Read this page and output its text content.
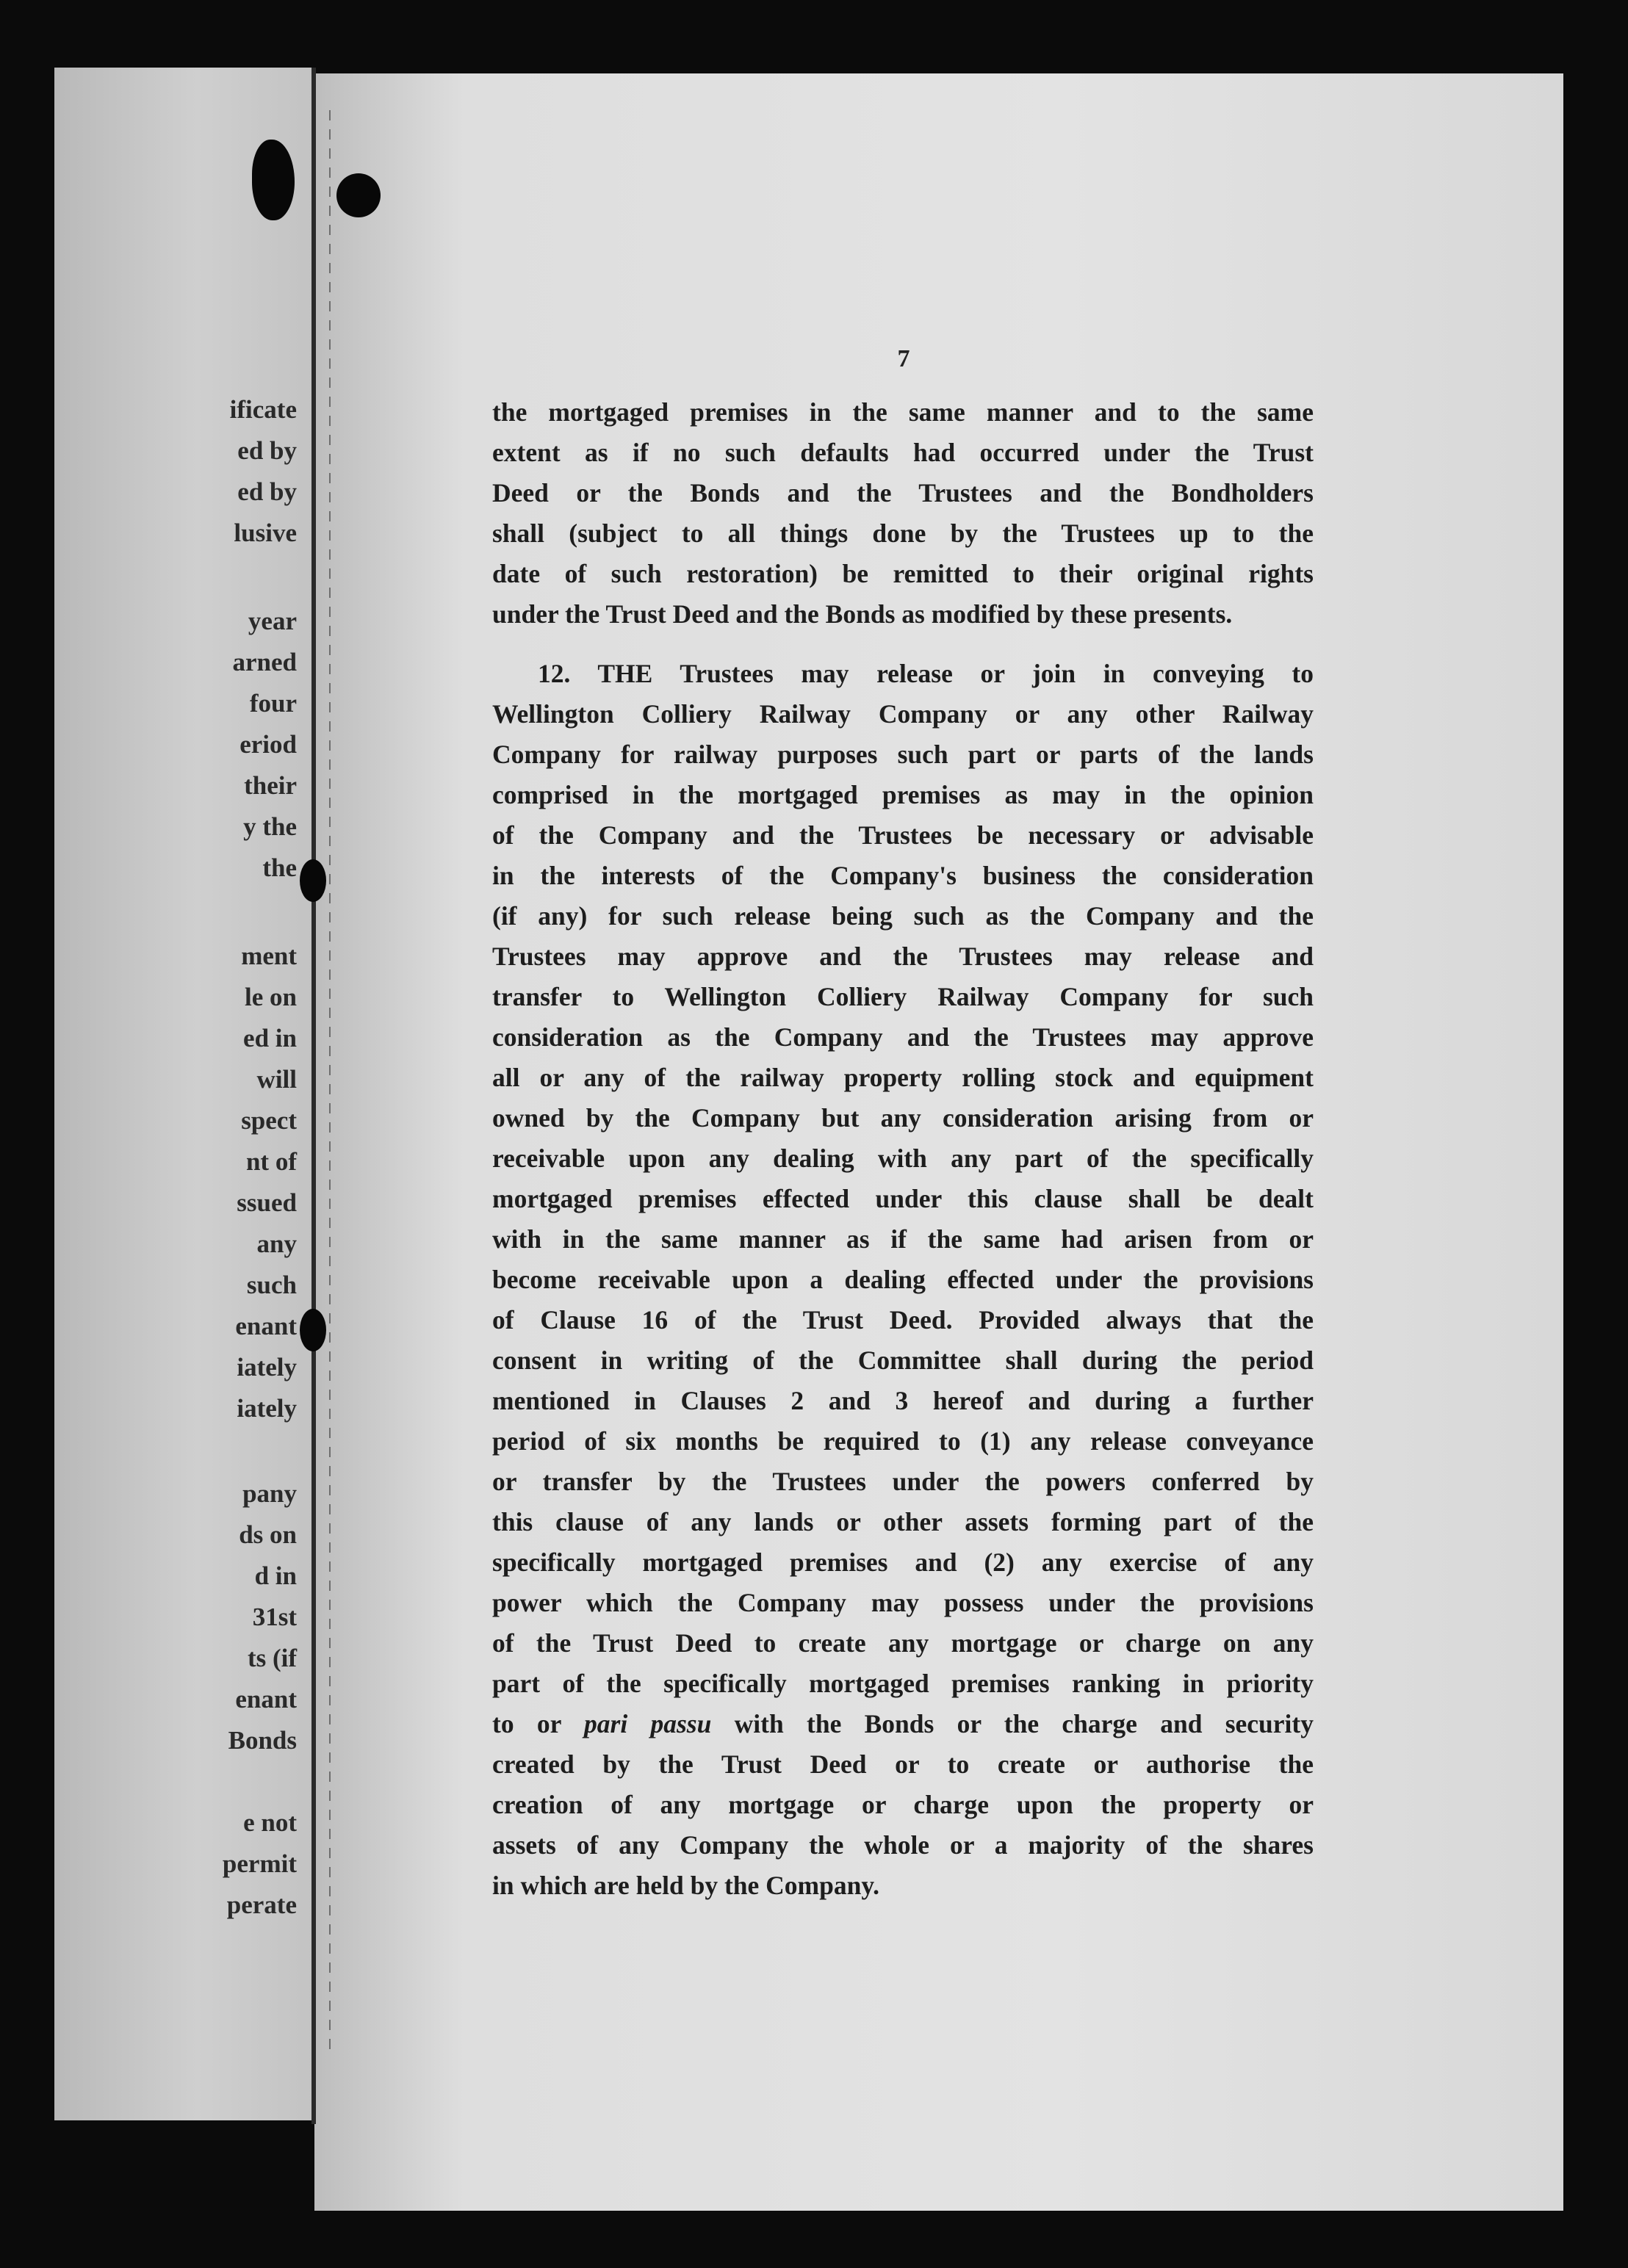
ificate
ed by
ed by
lusive
year
arned
four
eriod
their
y the
the
ment
le on
ed in
will
spect
nt of
ssued
any
such
enant
iately
iately
pany
ds on
d in
31st
ts (if
enant
Bonds
e not
permit
perate
7
the mortgaged premises in the same manner and to the same
extent as if no such defaults had occurred under the Trust
Deed or the Bonds and the Trustees and the Bondholders
shall (subject to all things done by the Trustees up to the
date of such restoration) be remitted to their original rights
under the Trust Deed and the Bonds as modified by these presents.
12. THE Trustees may release or join in conveying to
Wellington Colliery Railway Company or any other Railway
Company for railway purposes such part or parts of the lands
comprised in the mortgaged premises as may in the opinion
of the Company and the Trustees be necessary or advisable
in the interests of the Company's business the consideration
(if any) for such release being such as the Company and the
Trustees may approve and the Trustees may release and
transfer to Wellington Colliery Railway Company for such
consideration as the Company and the Trustees may approve
all or any of the railway property rolling stock and equipment
owned by the Company but any consideration arising from or
receivable upon any dealing with any part of the specifically
mortgaged premises effected under this clause shall be dealt
with in the same manner as if the same had arisen from or
become receivable upon a dealing effected under the provisions
of Clause 16 of the Trust Deed. Provided always that the
consent in writing of the Committee shall during the period
mentioned in Clauses 2 and 3 hereof and during a further
period of six months be required to (1) any release conveyance
or transfer by the Trustees under the powers conferred by
this clause of any lands or other assets forming part of the
specifically mortgaged premises and (2) any exercise of any
power which the Company may possess under the provisions
of the Trust Deed to create any mortgage or charge on any
part of the specifically mortgaged premises ranking in priority
to or pari passu with the Bonds or the charge and security
created by the Trust Deed or to create or authorise the
creation of any mortgage or charge upon the property or
assets of any Company the whole or a majority of the shares
in which are held by the Company.
